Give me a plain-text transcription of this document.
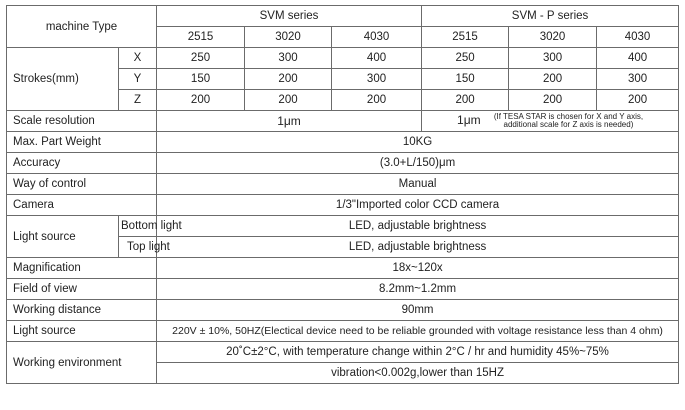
machine Type		SVM series			SVM - P series		
		2515	3020	4030	2515	3020	4030
Strokes(mm)	X	250	300	400	250	300	400
	Y	150	200	300	150	200	300
	Z	200	200	200	200	200	200
Scale resolution		1μm			1μm (If TESA STAR is chosen for X and Y axis,
additional scale for Z axis is needed)		

Max. Part Weight		10KG					
Accuracy		(3.0+L/150)μm					
Way of control		Manual					
Camera		1/3"Imported color CCD camera					
Light source	Bottom light	LED, adjustable brightness					
	Top light	LED, adjustable brightness					
Magnification		18x~120x					
Field of view		8.2mm~1.2mm					
Working distance		90mm					
Light source		220V ± 10%, 50HZ(Electical device need to be reliable grounded with voltage resistance less than 4 ohm)					
Working environment		20˚C±2°C, with temperature change within 2°C / hr and humidity 45%~75%					
		vibration<0.002g,lower than 15HZ					
